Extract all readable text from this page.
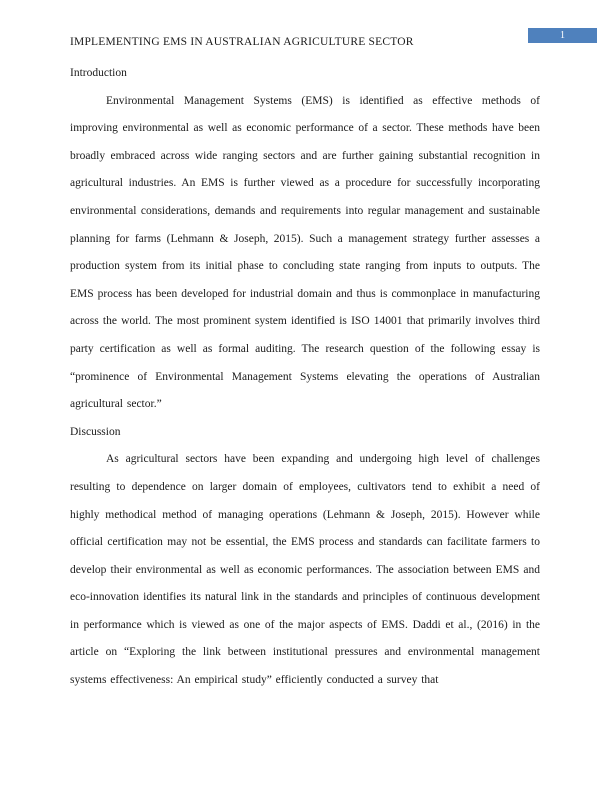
1
IMPLEMENTING EMS IN AUSTRALIAN AGRICULTURE SECTOR
Introduction

Environmental Management Systems (EMS) is identified as effective methods of improving environmental as well as economic performance of a sector. These methods have been broadly embraced across wide ranging sectors and are further gaining substantial recognition in agricultural industries. An EMS is further viewed as a procedure for successfully incorporating environmental considerations, demands and requirements into regular management and sustainable planning for farms (Lehmann & Joseph, 2015). Such a management strategy further assesses a production system from its initial phase to concluding state ranging from inputs to outputs. The EMS process has been developed for industrial domain and thus is commonplace in manufacturing across the world. The most prominent system identified is ISO 14001 that primarily involves third party certification as well as formal auditing. The research question of the following essay is “prominence of Environmental Management Systems elevating the operations of Australian agricultural sector.”

Discussion

As agricultural sectors have been expanding and undergoing high level of challenges resulting to dependence on larger domain of employees, cultivators tend to exhibit a need of highly methodical method of managing operations (Lehmann & Joseph, 2015). However while official certification may not be essential, the EMS process and standards can facilitate farmers to develop their environmental as well as economic performances. The association between EMS and eco-innovation identifies its natural link in the standards and principles of continuous development in performance which is viewed as one of the major aspects of EMS. Daddi et al., (2016) in the article on “Exploring the link between institutional pressures and environmental management systems effectiveness: An empirical study” efficiently conducted a survey that
